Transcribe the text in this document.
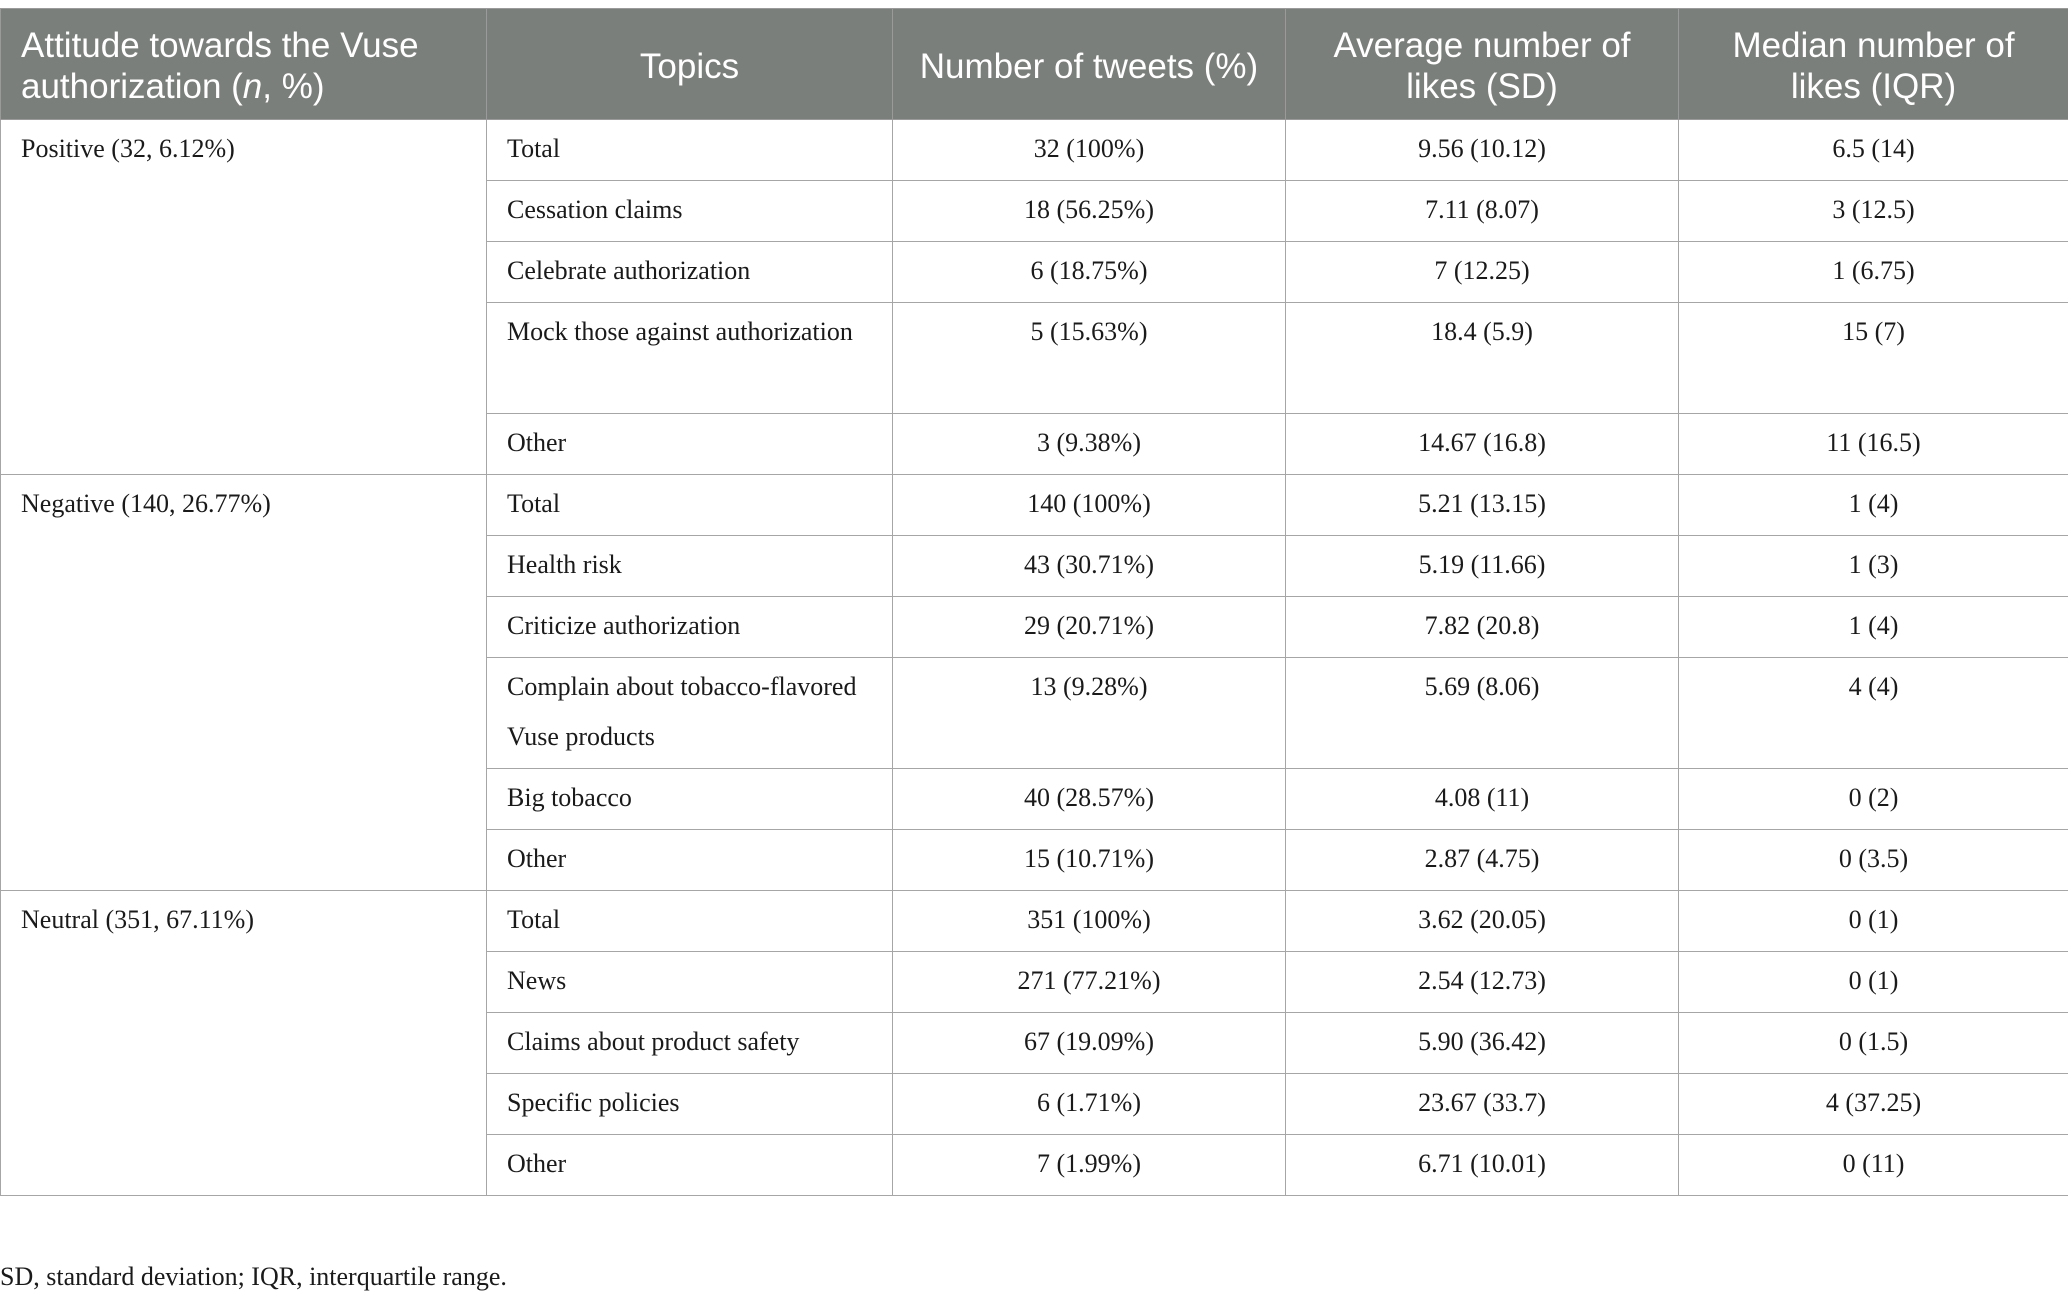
Attitude towards the Vuse authorization (n, %)	Topics	Number of tweets (%)	Average number of likes (SD)	Median number of likes (IQR)
Positive (32, 6.12%)	Total	32 (100%)	9.56 (10.12)	6.5 (14)
	Cessation claims	18 (56.25%)	7.11 (8.07)	3 (12.5)
	Celebrate authorization	6 (18.75%)	7 (12.25)	1 (6.75)
	Mock those against authorization	5 (15.63%)	18.4 (5.9)	15 (7)
	Other	3 (9.38%)	14.67 (16.8)	11 (16.5)
Negative (140, 26.77%)	Total	140 (100%)	5.21 (13.15)	1 (4)
	Health risk	43 (30.71%)	5.19 (11.66)	1 (3)
	Criticize authorization	29 (20.71%)	7.82 (20.8)	1 (4)
	Complain about tobacco-flavored Vuse products	13 (9.28%)	5.69 (8.06)	4 (4)
	Big tobacco	40 (28.57%)	4.08 (11)	0 (2)
	Other	15 (10.71%)	2.87 (4.75)	0 (3.5)
Neutral (351, 67.11%)	Total	351 (100%)	3.62 (20.05)	0 (1)
	News	271 (77.21%)	2.54 (12.73)	0 (1)
	Claims about product safety	67 (19.09%)	5.90 (36.42)	0 (1.5)
	Specific policies	6 (1.71%)	23.67 (33.7)	4 (37.25)
	Other	7 (1.99%)	6.71 (10.01)	0 (11)

SD, standard deviation; IQR, interquartile range.
